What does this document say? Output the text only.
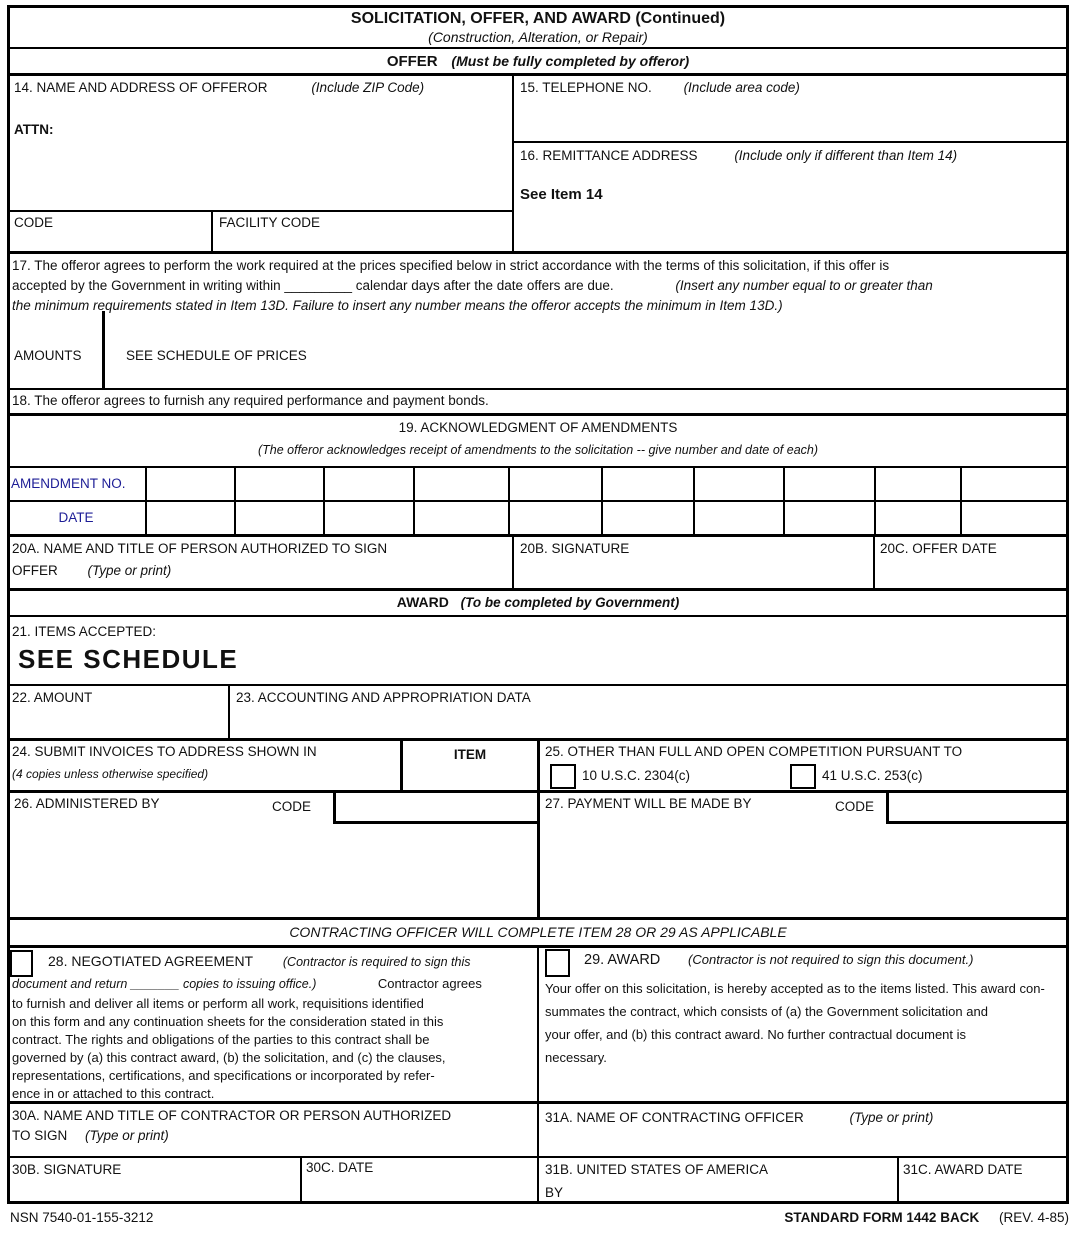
SOLICITATION, OFFER, AND AWARD (Continued)
(Construction, Alteration, or Repair)
OFFER (Must be fully completed by offeror)
14. NAME AND ADDRESS OF OFFEROR	(Include ZIP Code)
ATTN:
CODE	FACILITY CODE
15. TELEPHONE NO. (Include area code)
16. REMITTANCE ADDRESS	(Include only if different than Item 14)
See Item 14
17. The offeror agrees to perform the work required at the prices specified below in strict accordance with the terms of this solicitation, if this offer is
accepted by the Government in writing within _________ calendar days after the date offers are due.	(Insert any number equal to or greater than
the minimum requirements stated in Item 13D. Failure to insert any number means the offeror accepts the minimum in Item 13D.)
AMOUNTS	SEE SCHEDULE OF PRICES
18. The offeror agrees to furnish any required performance and payment bonds.
19. ACKNOWLEDGMENT OF AMENDMENTS
(The offeror acknowledges receipt of amendments to the solicitation -- give number and date of each)
AMENDMENT NO.
DATE
20A. NAME AND TITLE OF PERSON AUTHORIZED TO SIGN
OFFER (Type or print)
20B. SIGNATURE	20C. OFFER DATE
AWARD (To be completed by Government)
21. ITEMS ACCEPTED:
SEE SCHEDULE
22. AMOUNT	23. ACCOUNTING AND APPROPRIATION DATA
24. SUBMIT INVOICES TO ADDRESS SHOWN IN
(4 copies unless otherwise specified)
ITEM	25. OTHER THAN FULL AND OPEN COMPETITION PURSUANT TO
10 U.S.C. 2304(c)	41 U.S.C. 253(c)
26. ADMINISTERED BY	CODE	27. PAYMENT WILL BE MADE BY	CODE
CONTRACTING OFFICER WILL COMPLETE ITEM 28 OR 29 AS APPLICABLE
28. NEGOTIATED AGREEMENT (Contractor is required to sign this
document and return _______ copies to issuing office.)	Contractor agrees
to furnish and deliver all items or perform all work, requisitions identified
on this form and any continuation sheets for the consideration stated in this
contract. The rights and obligations of the parties to this contract shall be
governed by (a) this contract award, (b) the solicitation, and (c) the clauses,
representations, certifications, and specifications or incorporated by refer-
ence in or attached to this contract.
29. AWARD (Contractor is not required to sign this document.)
Your offer on this solicitation, is hereby accepted as to the items listed. This award con-
summates the contract, which consists of (a) the Government solicitation and
your offer, and (b) this contract award. No further contractual document is
necessary.
30A. NAME AND TITLE OF CONTRACTOR OR PERSON AUTHORIZED
TO SIGN (Type or print)
31A. NAME OF CONTRACTING OFFICER	(Type or print)
30B. SIGNATURE	30C. DATE	31B. UNITED STATES OF AMERICA
BY
31C. AWARD DATE
NSN 7540-01-155-3212	STANDARD FORM 1442 BACK (REV. 4-85)
